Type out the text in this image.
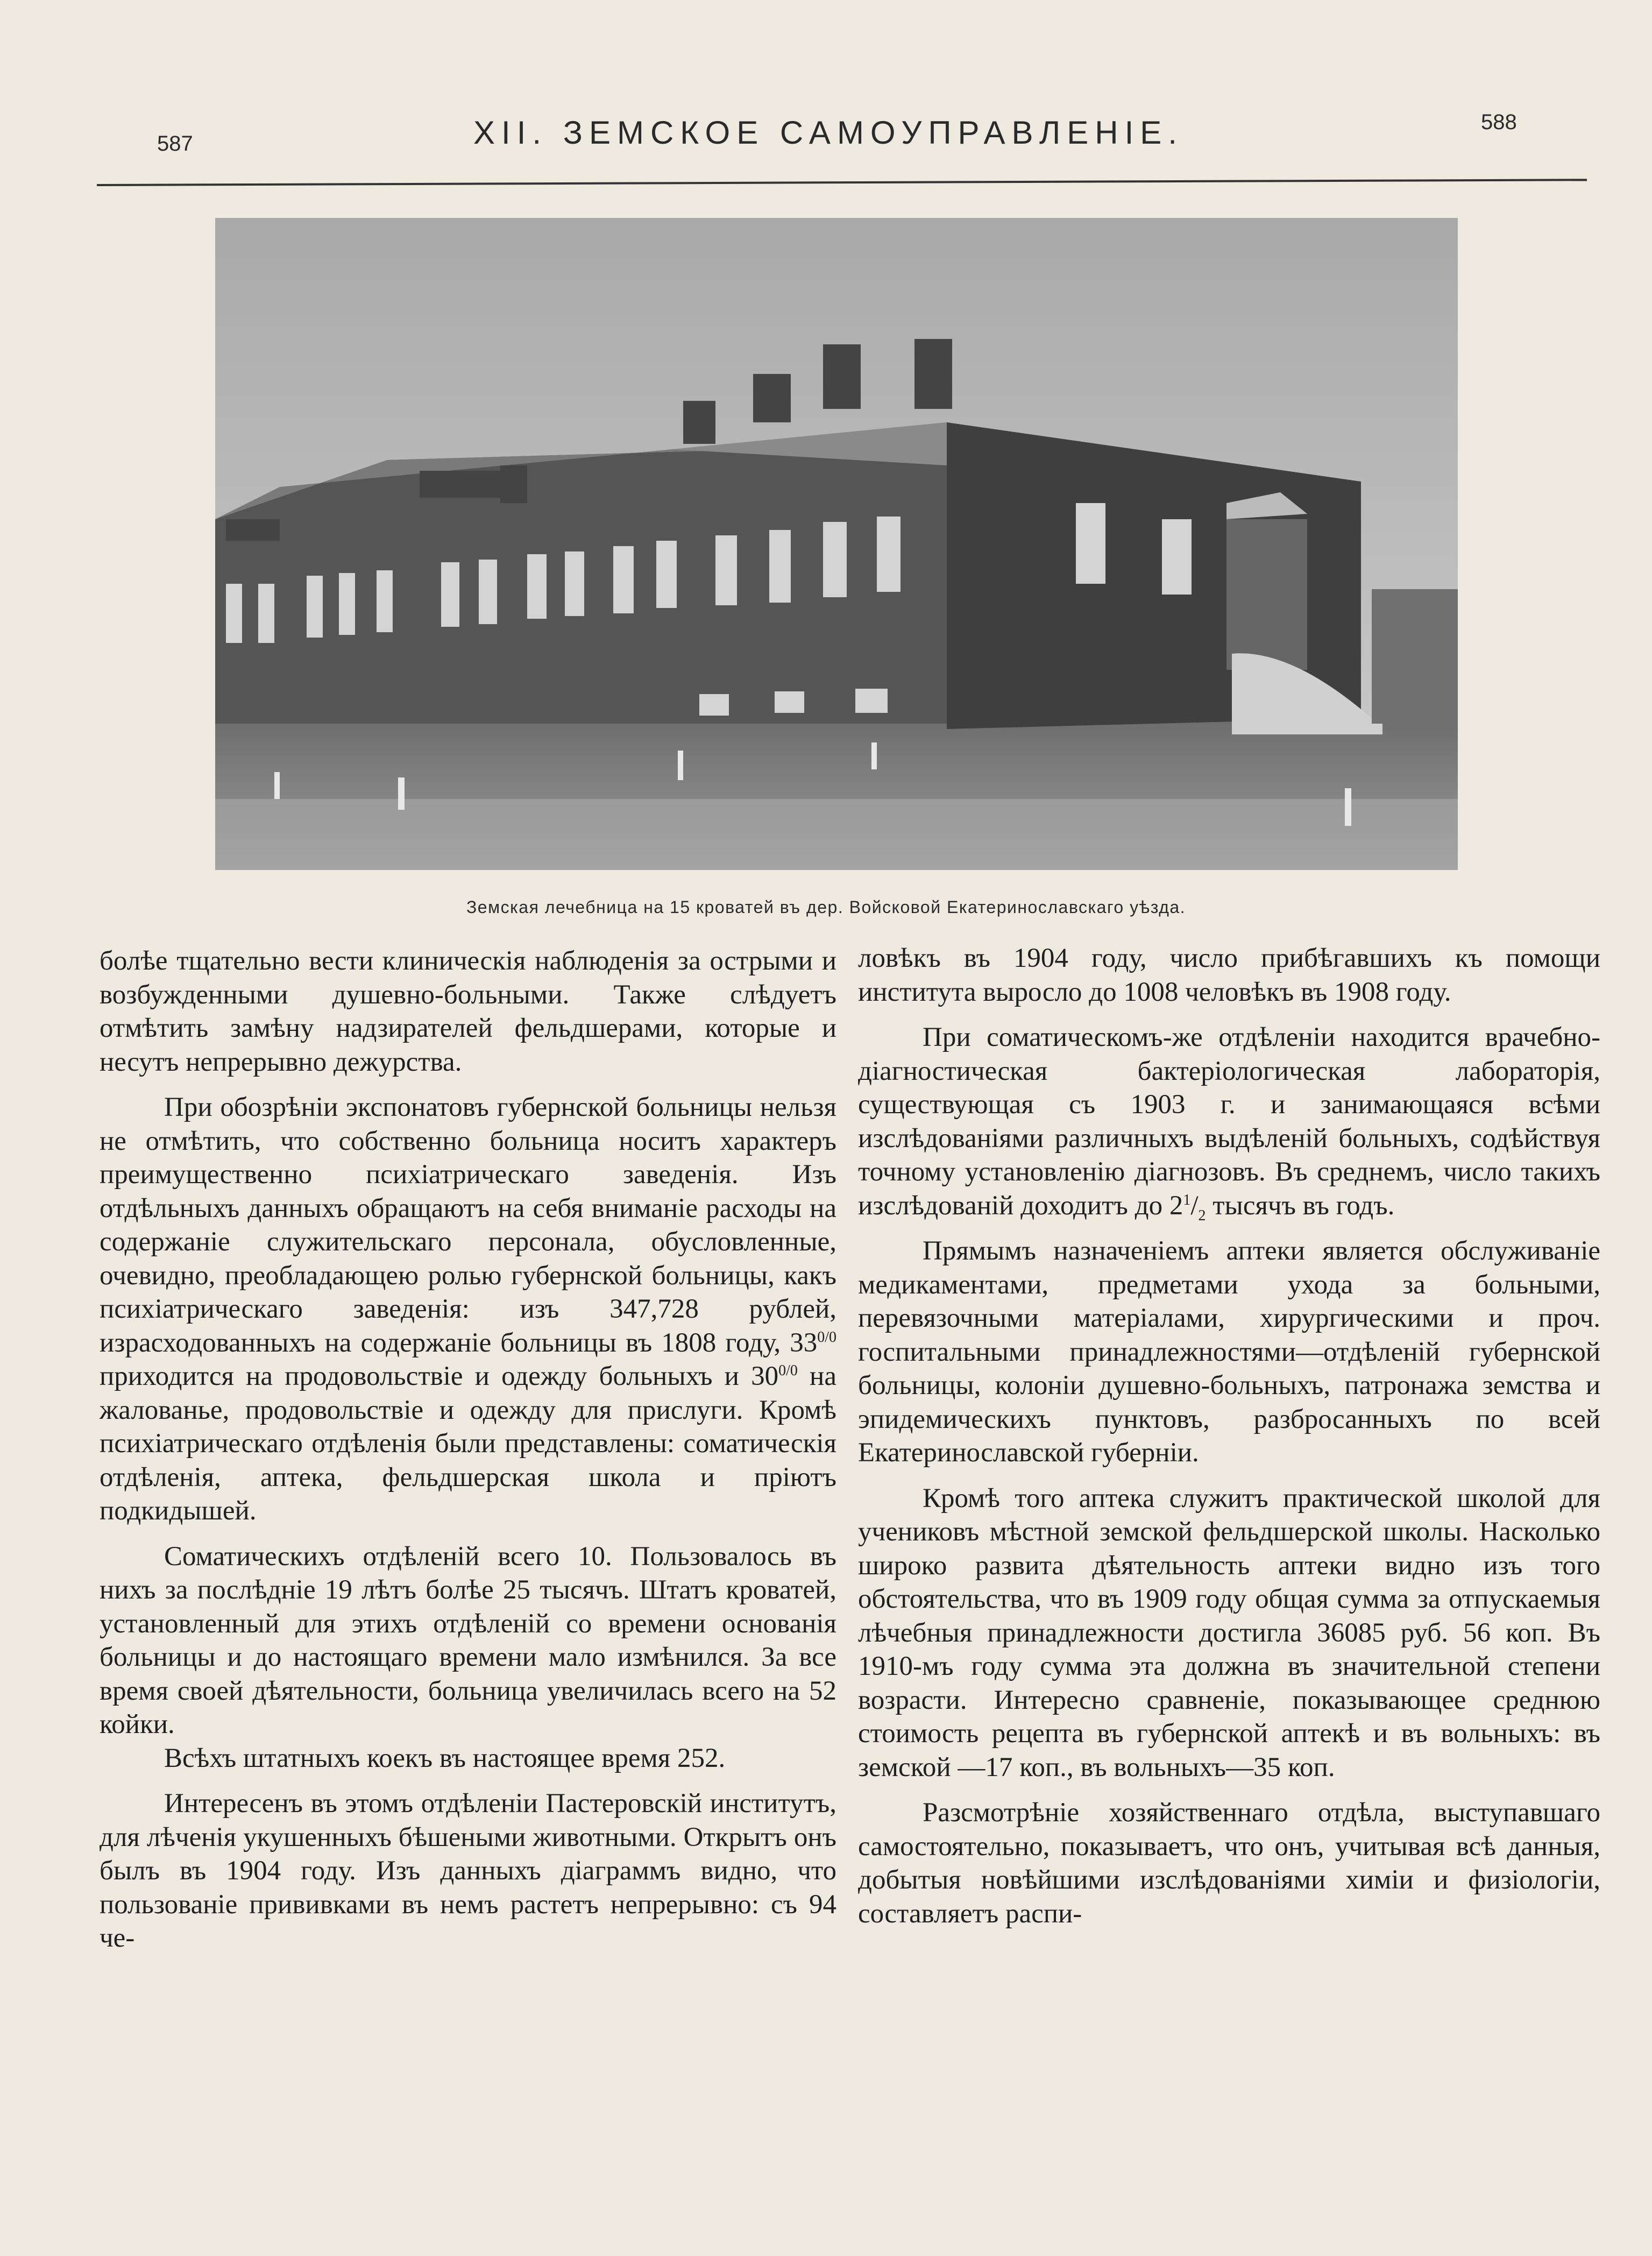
587	XII. ЗЕМСКОЕ САМОУПРАВЛЕНІЕ.	588
Земская лечебница на 15 кроватей въ дер. Войсковой Екатеринославскаго уѣзда.

болѣе тщательно вести клиническія наблюденія за острыми и возбужденными душевно-больными. Также слѣдуетъ отмѣтить замѣну надзирателей фельдшерами, которые и несутъ непрерывно дежурства.

При обозрѣніи экспонатовъ губернской больницы нельзя не отмѣтить, что собственно больница носитъ характеръ преимущественно психіатрическаго заведенія. Изъ отдѣльныхъ данныхъ обращаютъ на себя вниманіе расходы на содержаніе служительскаго персонала, обусловленные, очевидно, преобладающею ролью губернской больницы, какъ психіатрическаго заведенія: изъ 347,728 рублей, израсходованныхъ на содержаніе больницы въ 1808 году, $33^{0/0}$ приходится на продовольствіе и одежду больныхъ и $30^{0/0}$ на жалованье, продовольствіе и одежду для прислуги. Кромѣ психіатрическаго отдѣленія были представлены: соматическія отдѣленія, аптека, фельдшерская школа и пріютъ подкидышей.

Соматическихъ отдѣленій всего 10. Пользовалось въ нихъ за послѣдніе 19 лѣтъ болѣе 25 тысячъ. Штатъ кроватей, установленный для этихъ отдѣленій со времени основанія больницы и до настоящаго времени мало измѣнился. За все время своей дѣятельности, больница увеличилась всего на 52 койки.

Всѣхъ штатныхъ коекъ въ настоящее время 252.

Интересенъ въ этомъ отдѣленіи Пастеровскій институтъ, для лѣченія укушенныхъ бѣшеными животными. Открытъ онъ былъ въ 1904 году. Изъ данныхъ діаграммъ видно, что пользованіе прививками въ немъ растетъ непрерывно: съ 94 че-

ловѣкъ въ 1904 году, число прибѣгавшихъ къ помощи института выросло до 1008 человѣкъ въ 1908 году.

При соматическомъ-же отдѣленіи находится врачебно-діагностическая бактеріологическая лабораторія, существующая съ 1903 г. и занимающаяся всѣми изслѣдованіями различныхъ выдѣленій больныхъ, содѣйствуя точному установленію діагнозовъ. Въ среднемъ, число такихъ изслѣдованій доходитъ до $2^1/_2$ тысячъ въ годъ.

Прямымъ назначеніемъ аптеки является обслуживаніе медикаментами, предметами ухода за больными, перевязочными матеріалами, хирургическими и проч. госпитальными принадлежностями—отдѣленій губернской больницы, колоніи душевно-больныхъ, патронажа земства и эпидемическихъ пунктовъ, разбросанныхъ по всей Екатеринославской губерніи.

Кромѣ того аптека служитъ практической школой для учениковъ мѣстной земской фельдшерской школы. Насколько широко развита дѣятельность аптеки видно изъ того обстоятельства, что въ 1909 году общая сумма за отпускаемыя лѣчебныя принадлежности достигла 36085 руб. 56 коп. Въ 1910-мъ году сумма эта должна въ значительной степени возрасти. Интересно сравненіе, показывающее среднюю стоимость рецепта въ губернской аптекѣ и въ вольныхъ: въ земской —17 коп., въ вольныхъ—35 коп.

Разсмотрѣніе хозяйственнаго отдѣла, выступавшаго самостоятельно, показываетъ, что онъ, учитывая всѣ данныя, добытыя новѣйшими изслѣдованіями химіи и физіологіи, составляетъ распи-
